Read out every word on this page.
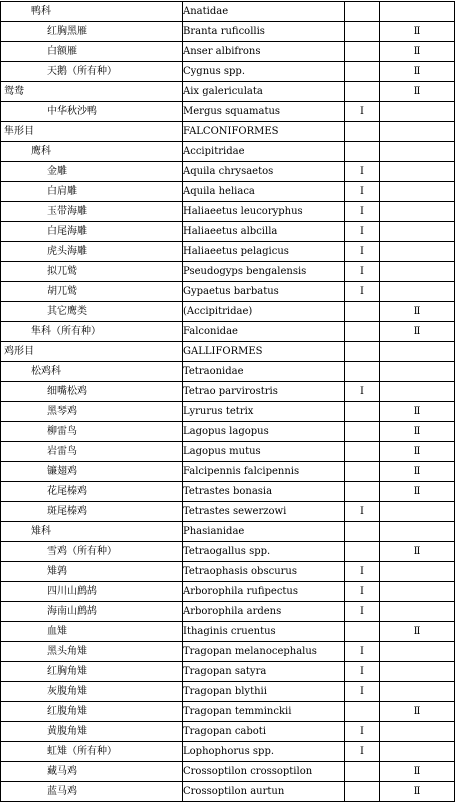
鸭科	Anatidae		
红胸黑雁	Branta ruficollis		Ⅱ
白额雁	Anser albifrons		Ⅱ
天鹅（所有种）	Cygnus spp.		Ⅱ
鸳鸯	Aix galericulata		Ⅱ
中华秋沙鸭	Mergus squamatus	Ⅰ	
隼形目	FALCONIFORMES		
鹰科	Accipitridae		
金雕	Aquila chrysaetos	Ⅰ	
白肩雕	Aquila heliaca	Ⅰ	
玉带海雕	Haliaeetus leucoryphus	Ⅰ	
白尾海雕	Haliaeetus albcilla	Ⅰ	
虎头海雕	Haliaeetus pelagicus	Ⅰ	
拟兀鹫	Pseudogyps bengalensis	Ⅰ	
胡兀鹫	Gypaetus barbatus	Ⅰ	
其它鹰类	(Accipitridae)		Ⅱ
隼科（所有种）	Falconidae		Ⅱ
鸡形目	GALLIFORMES		
松鸡科	Tetraonidae		
细嘴松鸡	Tetrao parvirostris	Ⅰ	
黑琴鸡	Lyrurus tetrix		Ⅱ
柳雷鸟	Lagopus lagopus		Ⅱ
岩雷鸟	Lagopus mutus		Ⅱ
镰翅鸡	Falcipennis falcipennis		Ⅱ
花尾榛鸡	Tetrastes bonasia		Ⅱ
斑尾榛鸡	Tetrastes sewerzowi	Ⅰ	
雉科	Phasianidae		
雪鸡（所有种）	Tetraogallus spp.		Ⅱ
雉鹑	Tetraophasis obscurus	Ⅰ	
四川山鹧鸪	Arborophila rufipectus	Ⅰ	
海南山鹧鸪	Arborophila ardens	Ⅰ	
血雉	Ithaginis cruentus		Ⅱ
黑头角雉	Tragopan melanocephalus	Ⅰ	
红胸角雉	Tragopan satyra	Ⅰ	
灰腹角雉	Tragopan blythii	Ⅰ	
红腹角雉	Tragopan temminckii		Ⅱ
黄腹角雉	Tragopan caboti	Ⅰ	
虹雉（所有种）	Lophophorus spp.	Ⅰ	
藏马鸡	Crossoptilon crossoptilon		Ⅱ
蓝马鸡	Crossoptilon aurtun		Ⅱ
